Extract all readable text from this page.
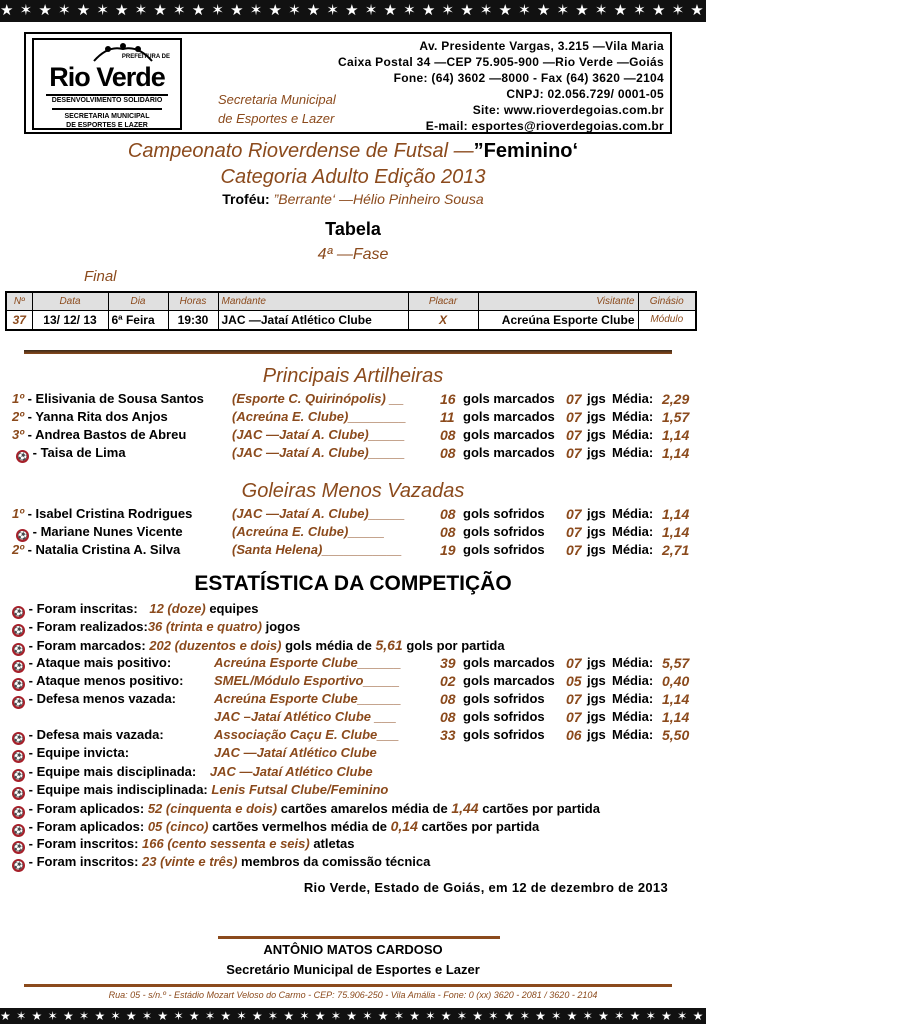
★ ✶ ★ ✶ ★ ✶ ★ ✶ ★ ✶ ★ ✶ ★ ✶ ★ ✶ ★ ✶ ★ ✶ ★ ✶ ★ ✶ ★ ✶ ★ ✶ ★ ✶ ★ ✶ ★ ✶ ★ ✶ ★ ✶ ★ ✶ ★ ✶ ★ ✶ ★ ✶ ★
PREFEITURA DE
Rio Verde
DESENVOLVIMENTO SOLIDÁRIO
SECRETARIA MUNICIPAL
DE ESPORTES E LAZER
Secretaria Municipal
de Esportes e Lazer
Av. Presidente Vargas, 3.215 —Vila Maria
Caixa Postal 34 —CEP 75.905-900 —Rio Verde —Goiás
Fone: (64) 3602 —8000 - Fax (64) 3620 —2104
CNPJ: 02.056.729/ 0001-05
Site: www.rioverdegoias.com.br
E-mail: esportes@rioverdegoias.com.br
Campeonato Rioverdense de Futsal —”Feminino‘
Categoria Adulto Edição 2013
Troféu: ”Berrante‘ —Hélio Pinheiro Sousa
Tabela
4ª —Fase
Final
Nº	Data	Dia	Horas	Mandante	Placar	Visitante	Ginásio
37	13/ 12/ 13	6ª Feira	19:30	JAC —Jataí Atlético Clube	X	Acreúna Esporte Clube	Módulo
Principais Artilheiras
1º - Elisivania de Sousa Santos (Esporte C. Quirinópolis) __	16 gols marcados 07 jgs Média: 2,29
2º - Yanna Rita dos Anjos	(Acreúna E. Clube)________ 11 gols marcados 07 jgs Média: 1,57
3º - Andrea Bastos de Abreu	(JAC —Jataí A. Clube)_____	08 gols marcados 07 jgs Média: 1,14
⚽ - Taisa de Lima	(JAC —Jataí A. Clube)_____	08 gols marcados 07 jgs Média: 1,14
Goleiras Menos Vazadas
1º - Isabel Cristina Rodrigues	(JAC —Jataí A. Clube)_____	08 gols sofridos 07 jgs Média: 1,14
⚽ - Mariane Nunes Vicente	(Acreúna E. Clube)_____	08 gols sofridos 07 jgs Média: 1,14
2º - Natalia Cristina A. Silva	(Santa Helena)___________	19 gols sofridos 07 jgs Média: 2,71
ESTATÍSTICA DA COMPETIÇÃO
⚽ - Foram inscritas: 12 (doze) equipes
⚽ - Foram realizados:36 (trinta e quatro) jogos
⚽ - Foram marcados: 202 (duzentos e dois) gols média de 5,61 gols por partida
⚽ - Ataque mais positivo:	Acreúna Esporte Clube______	39 gols marcados 07 jgs Média: 5,57
⚽ - Ataque menos positivo: SMEL/Módulo Esportivo_____	02 gols marcados 05 jgs Média: 0,40
⚽ - Defesa menos vazada:	Acreúna Esporte Clube______	08 gols sofridos 07 jgs Média: 1,14
JAC –Jataí Atlético Clube ___	08 gols sofridos 07 jgs Média: 1,14
⚽ - Defesa mais vazada:	Associação Caçu E. Clube___	33 gols sofridos 06 jgs Média: 5,50
⚽ - Equipe invicta:	JAC —Jataí Atlético Clube
⚽ - Equipe mais disciplinada: JAC —Jataí Atlético Clube
⚽ - Equipe mais indisciplinada: Lenis Futsal Clube/Feminino
⚽ - Foram aplicados: 52 (cinquenta e dois) cartões amarelos média de 1,44 cartões por partida
⚽ - Foram aplicados: 05 (cinco) cartões vermelhos média de 0,14 cartões por partida
⚽ - Foram inscritos: 166 (cento sessenta e seis) atletas
⚽ - Foram inscritos: 23 (vinte e três) membros da comissão técnica
Rio Verde, Estado de Goiás, em 12 de dezembro de 2013
ANTÔNIO MATOS CARDOSO
Secretário Municipal de Esportes e Lazer
Rua: 05 - s/n.º - Estádio Mozart Veloso do Carmo - CEP: 75.906-250 - Vila Amália - Fone: 0 (xx) 3620 - 2081 / 3620 - 2104
★ ✶ ★ ✶ ★ ✶ ★ ✶ ★ ✶ ★ ✶ ★ ✶ ★ ✶ ★ ✶ ★ ✶ ★ ✶ ★ ✶ ★ ✶ ★ ✶ ★ ✶ ★ ✶ ★ ✶ ★ ✶ ★ ✶ ★ ✶ ★ ✶ ★ ✶ ★ ✶ ★
